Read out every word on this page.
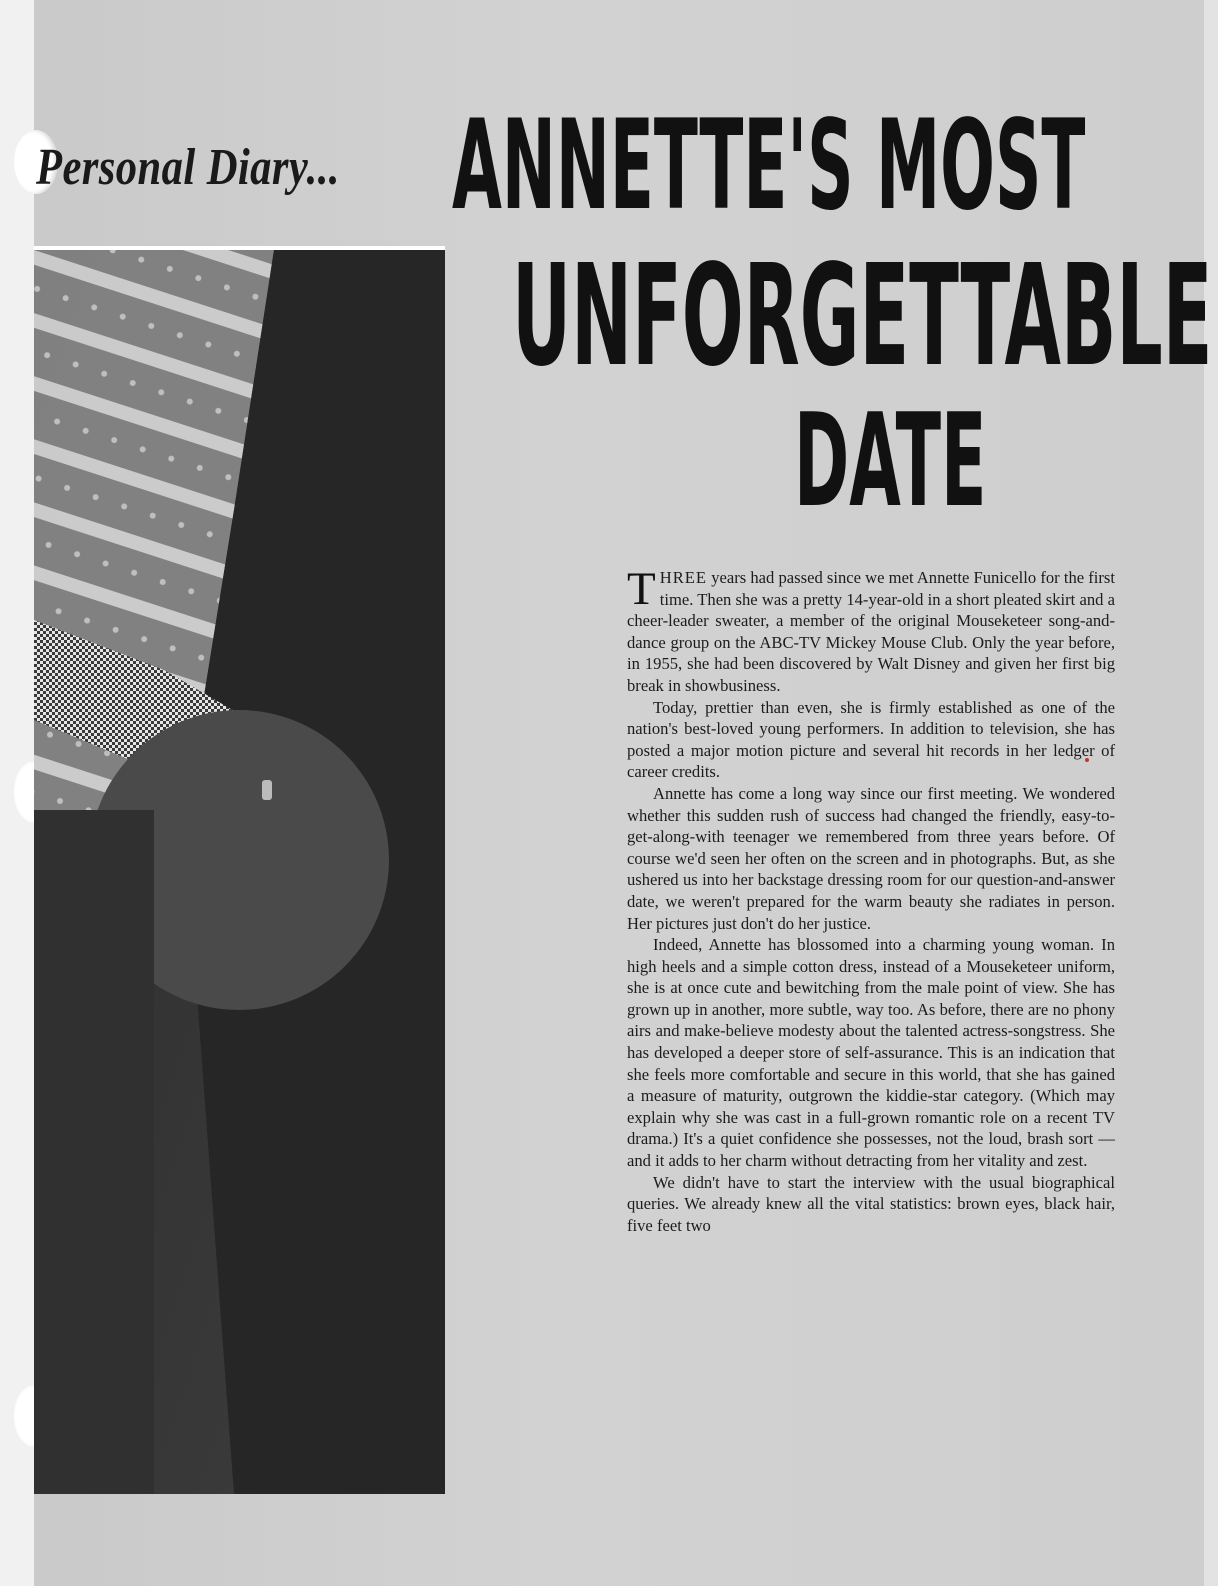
Personal Diary... ANNETTE'S MOST
UNFORGETTABLE
DATE

THREE years had passed since we met Annette Funicello for the first time. Then she was a pretty 14-year-old in a short pleated skirt and a cheer-leader sweater, a member of the original Mouseketeer song-and-dance group on the ABC-TV Mickey Mouse Club. Only the year before, in 1955, she had been discovered by Walt Disney and given her first big break in showbusiness.

Today, prettier than even, she is firmly established as one of the nation's best-loved young performers. In addition to television, she has posted a major motion picture and several hit records in her ledger of career credits.

Annette has come a long way since our first meeting. We wondered whether this sudden rush of success had changed the friendly, easy-to-get-along-with teenager we remembered from three years before. Of course we'd seen her often on the screen and in photographs. But, as she ushered us into her backstage dressing room for our question-and-answer date, we weren't prepared for the warm beauty she radiates in person. Her pictures just don't do her justice.

Indeed, Annette has blossomed into a charming young woman. In high heels and a simple cotton dress, instead of a Mouseketeer uniform, she is at once cute and bewitching from the male point of view. She has grown up in another, more subtle, way too. As before, there are no phony airs and make-believe modesty about the talented actress-songstress. She has developed a deeper store of self-assurance. This is an indication that she feels more comfortable and secure in this world, that she has gained a measure of maturity, outgrown the kiddie-star category. (Which may explain why she was cast in a full-grown romantic role on a recent TV drama.) It's a quiet confidence she possesses, not the loud, brash sort — and it adds to her charm without detracting from her vitality and zest.

We didn't have to start the interview with the usual biographical queries. We already knew all the vital statistics: brown eyes, black hair, five feet two
